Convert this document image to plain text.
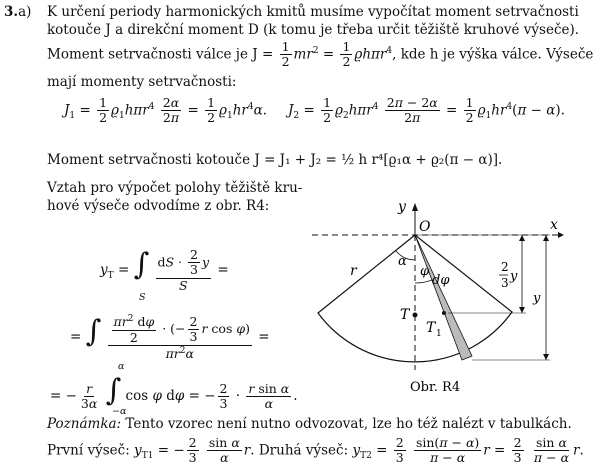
3.a) K určení periody harmonických kmitů musíme vypočítat moment setrvačnosti
kotouče J a direkční moment D (k tomu je třeba určit těžiště kruhové výseče).
Moment setrvačnosti válce je $J = \frac{1}{2} mr^2 = \frac{1}{2} ϱh\pi r^4$, kde h je výška válce. Výseče
mají momenty setrvačnosti:
$J_1 = \frac{1}{2} ϱ_1h\pi r^4 \frac{2\alpha}{2\pi} = \frac{1}{2} ϱ_1hr^4\alpha$. $J_2 = \frac{1}{2} ϱ_2h\pi r^4 \frac{2\pi - 2\alpha}{2\pi} = \frac{1}{2} ϱ_1hr^4(\pi - \alpha)$.
Moment setrvačnosti kotouče J = J₁ + J₂ = ½ h r⁴[ϱ₁α + ϱ₂(π − α)].
Vztah pro výpočet polohy těžiště kru-
hové výseče odvodíme z obr. R4:
$y_T$ = ∫ $\frac{dS \cdot \frac{2}{3} y}{S}$ =
S
= ∫ $\frac{\frac{\pi r^2 d\varphi}{2} \cdot (- \frac{2}{3} r \cos \varphi)}{\pi r^2\alpha}$ =
= − $\frac{r}{3\alpha}$ ∫ cos φ dφ = − $\frac{2}{3} \cdot \frac{\text{r sin α}}{\alpha}$ .
α
−α
O	x
y
r
α
φ
dφ
T
T 1
2
3 y
y
Obr. R4
Poznámka: Tento vzorec není nutno odvozovat, lze ho též nalézt v tabulkách.
První výseč: $y_{T1}$ = − $\frac{2}{3}$
$\frac{\text{sin α}}{\alpha} r$. Druhá výseč: $y_{T2} = \frac{2}{3}$
$\frac{\sin(\pi - \alpha)}{\pi - \alpha}$ $r = \frac{2}{3}$
$\frac{\text{sin α}}{\pi - \alpha} r$.
